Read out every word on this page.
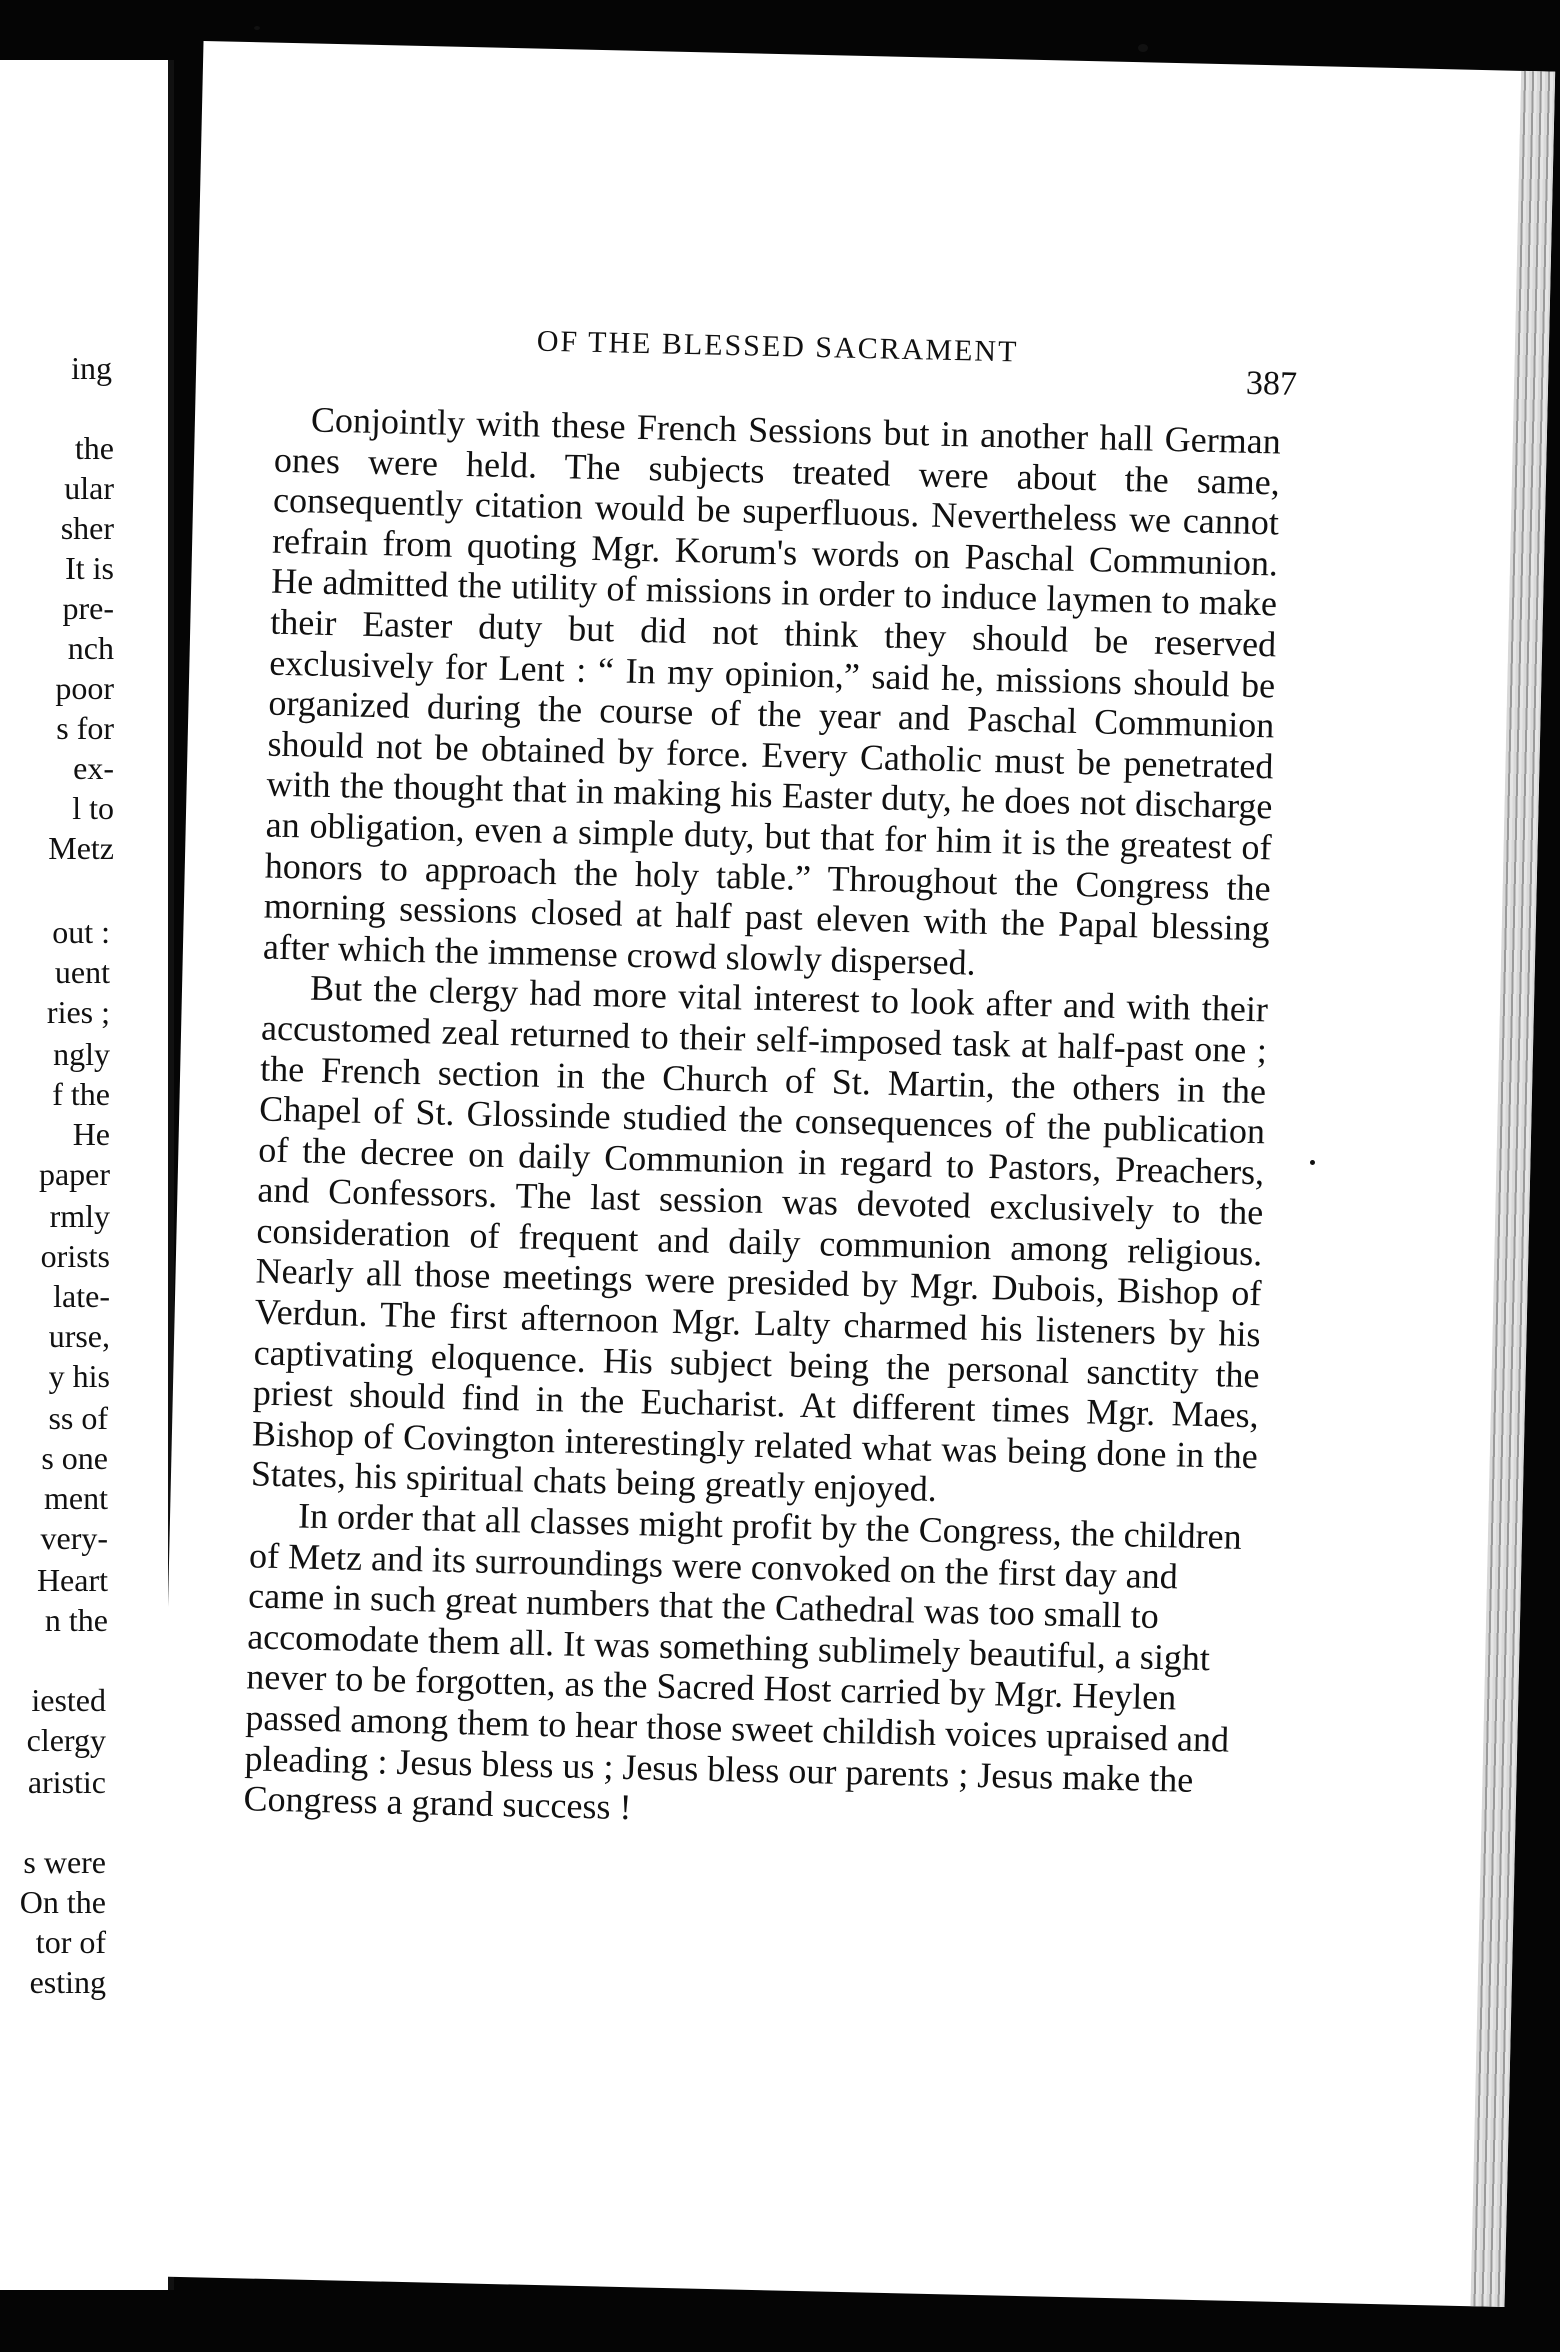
ing
the
ular
sher
It is
pre-
nch
poor
s for
ex-
l to
Metz
out :
uent
ries ;
ngly
f the
He
paper
rmly
orists
late-
urse,
y his
ss of
s one
ment
very-
Heart
n the
iested
clergy
aristic
s were
On the
tor of
esting
OF THE BLESSED SACRAMENT
387

Conjointly with these French Sessions but in another hall German ones were held. The subjects treated were about the same, consequently citation would be superfluous. Nevertheless we cannot refrain from quoting Mgr. Korum's words on Paschal Communion. He admitted the utility of missions in order to induce laymen to make their Easter duty but did not think they should be reserved exclusively for Lent : “ In my opinion,” said he, missions should be organized during the course of the year and Paschal Communion should not be obtained by force. Every Catholic must be penetrated with the thought that in making his Easter duty, he does not discharge an obligation, even a simple duty, but that for him it is the greatest of honors to approach the holy table.” Throughout the Congress the morning sessions closed at half past eleven with the Papal blessing after which the immense crowd slowly dispersed.

But the clergy had more vital interest to look after and with their accustomed zeal returned to their self-imposed task at half-past one ; the French section in the Church of St. Martin, the others in the Chapel of St. Glossinde studied the consequences of the publication of the decree on daily Communion in regard to Pastors, Preachers, and Confessors. The last session was devoted exclusively to the consideration of frequent and daily communion among religious. Nearly all those meetings were presided by Mgr. Dubois, Bishop of Verdun. The first afternoon Mgr. Lalty charmed his listeners by his captivating eloquence. His subject being the personal sanctity the priest should find in the Eucharist. At different times Mgr. Maes, Bishop of Covington interestingly related what was being done in the States, his spiritual chats being greatly enjoyed.

In order that all classes might profit by the Congress, the children of Metz and its surroundings were convoked on the first day and came in such great numbers that the Cathedral was too small to accomodate them all. It was something sublimely beautiful, a sight never to be forgotten, as the Sacred Host carried by Mgr. Heylen passed among them to hear those sweet childish voices upraised and pleading : Jesus bless us ; Jesus bless our parents ; Jesus make the Congress a grand success !
